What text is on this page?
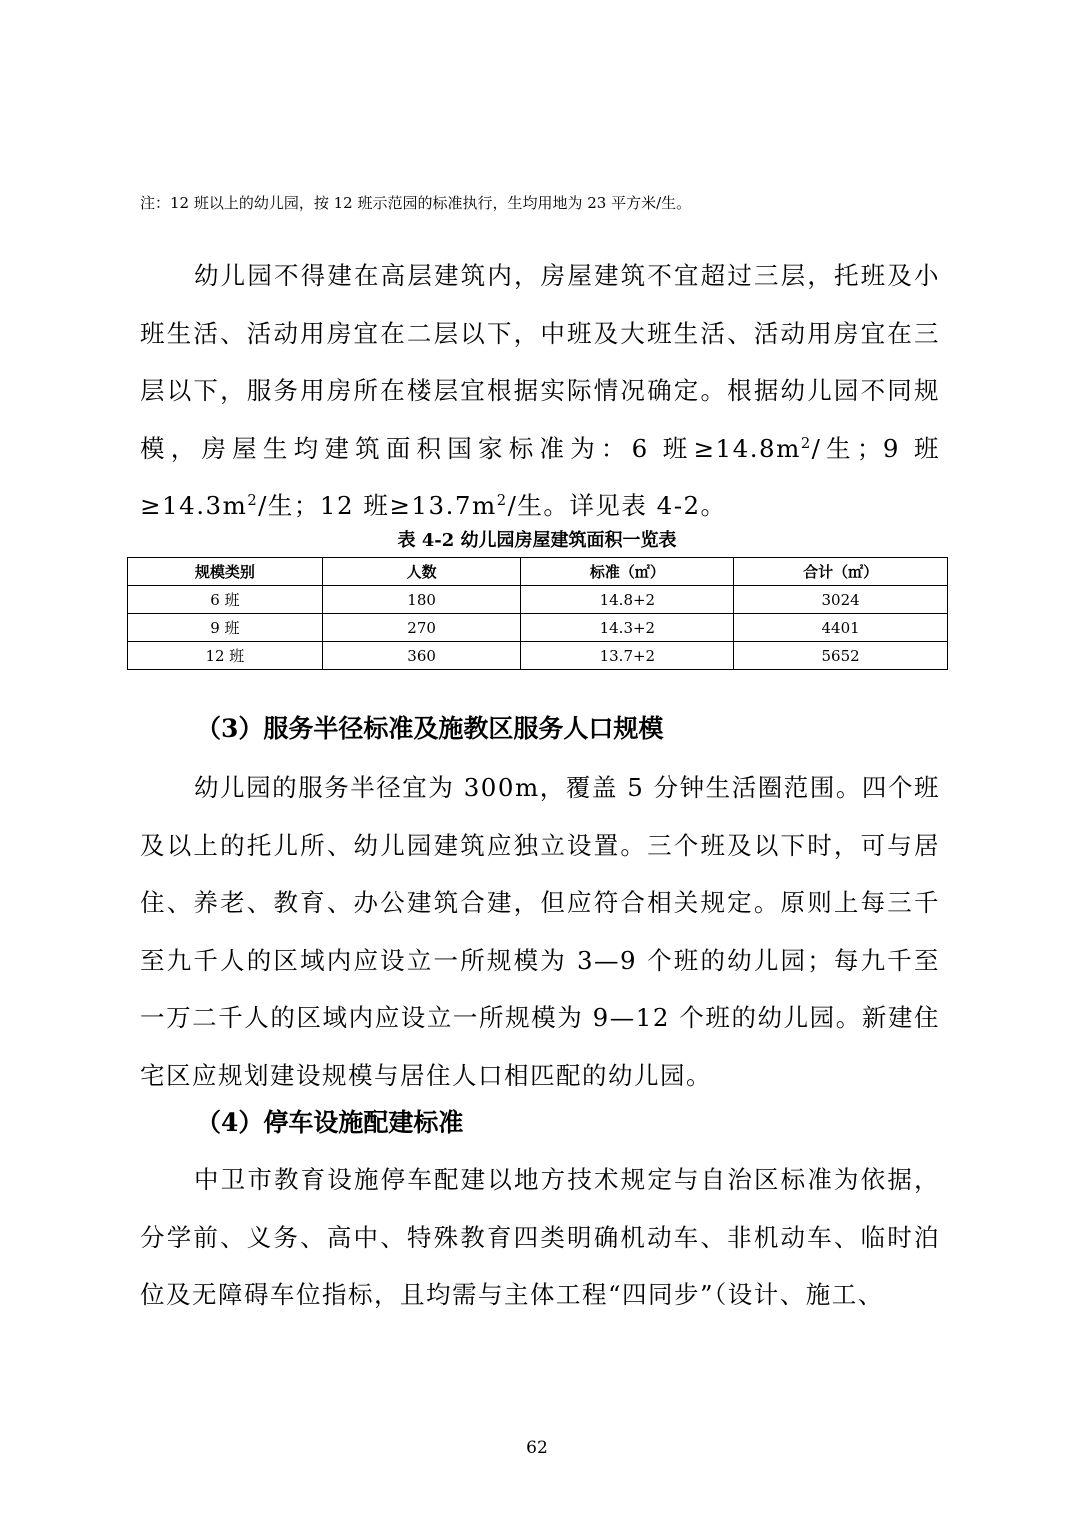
注：12 班以上的幼儿园，按 12 班示范园的标准执行，生均用地为 23 平方米/生。

幼儿园不得建在高层建筑内，房屋建筑不宜超过三层，托班及小班生活、活动用房宜在二层以下，中班及大班生活、活动用房宜在三层以下，服务用房所在楼层宜根据实际情况确定。根据幼儿园不同规模，房屋生均建筑面积国家标准为：6 班$\ge 14.8m^2/$生；9 班$\ge 14.3m^2/$生；12 班$\ge 13.7m^2/$生。详见表 4-2。

表 4-2 幼儿园房屋建筑面积一览表
规模类别	人数	标准（㎡）	合计（㎡）
6 班	180	14.8+2	3024
9 班	270	14.3+2	4401
12 班	360	13.7+2	5652
（3）服务半径标准及施教区服务人口规模

幼儿园的服务半径宜为 300m，覆盖 5 分钟生活圈范围。四个班及以上的托儿所、幼儿园建筑应独立设置。三个班及以下时，可与居住、养老、教育、办公建筑合建，但应符合相关规定。原则上每三千至九千人的区域内应设立一所规模为 3—9 个班的幼儿园；每九千至一万二千人的区域内应设立一所规模为 9—12 个班的幼儿园。新建住宅区应规划建设规模与居住人口相匹配的幼儿园。

（4）停车设施配建标准

中卫市教育设施停车配建以地方技术规定与自治区标准为依据，分学前、义务、高中、特殊教育四类明确机动车、非机动车、临时泊位及无障碍车位指标，且均需与主体工程“四同步”（设计、施工、

62
